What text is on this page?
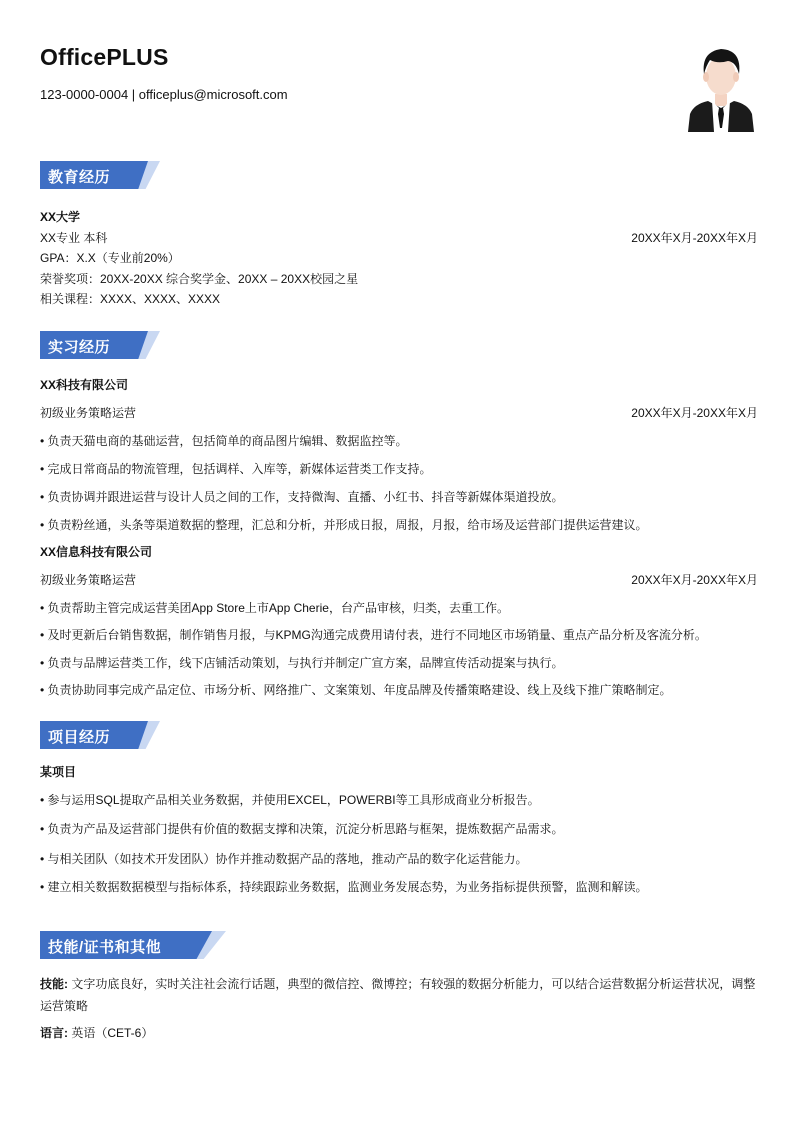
OfficePLUS
123-0000-0004 | officeplus@microsoft.com
教育经历
XX大学
XX专业 本科	20XX年X月-20XX年X月
GPA：X.X（专业前20%）
荣誉奖项：20XX-20XX 综合奖学金、20XX – 20XX校园之星
相关课程：XXXX、XXXX、XXXX
实习经历
XX科技有限公司
初级业务策略运营	20XX年X月-20XX年X月
• 负责天猫电商的基础运营，包括简单的商品图片编辑、数据监控等。
• 完成日常商品的物流管理，包括调样、入库等，新媒体运营类工作支持。
• 负责协调并跟进运营与设计人员之间的工作，支持微淘、直播、小红书、抖音等新媒体渠道投放。
• 负责粉丝通，头条等渠道数据的整理，汇总和分析，并形成日报，周报，月报，给市场及运营部门提供运营建议。
XX信息科技有限公司
初级业务策略运营	20XX年X月-20XX年X月
• 负责帮助主管完成运营美团App Store上市App Cherie，台产品审核，归类，去重工作。
• 及时更新后台销售数据，制作销售月报，与KPMG沟通完成费用请付表，进行不同地区市场销量、重点产品分析及客流分析。
• 负责与品牌运营类工作，线下店铺活动策划，与执行并制定广宣方案，品牌宣传活动提案与执行。
• 负责协助同事完成产品定位、市场分析、网络推广、文案策划、年度品牌及传播策略建设、线上及线下推广策略制定。
项目经历
某项目
• 参与运用SQL提取产品相关业务数据，并使用EXCEL，POWERBI等工具形成商业分析报告。
• 负责为产品及运营部门提供有价值的数据支撑和决策，沉淀分析思路与框架，提炼数据产品需求。
• 与相关团队（如技术开发团队）协作并推动数据产品的落地，推动产品的数字化运营能力。
• 建立相关数据数据模型与指标体系，持续跟踪业务数据，监测业务发展态势，为业务指标提供预警，监测和解读。
技能/证书和其他
技能: 文字功底良好，实时关注社会流行话题，典型的微信控、微博控；有较强的数据分析能力，可以结合运营数据分析运营状况，调整运营策略
语言: 英语（CET-6）
